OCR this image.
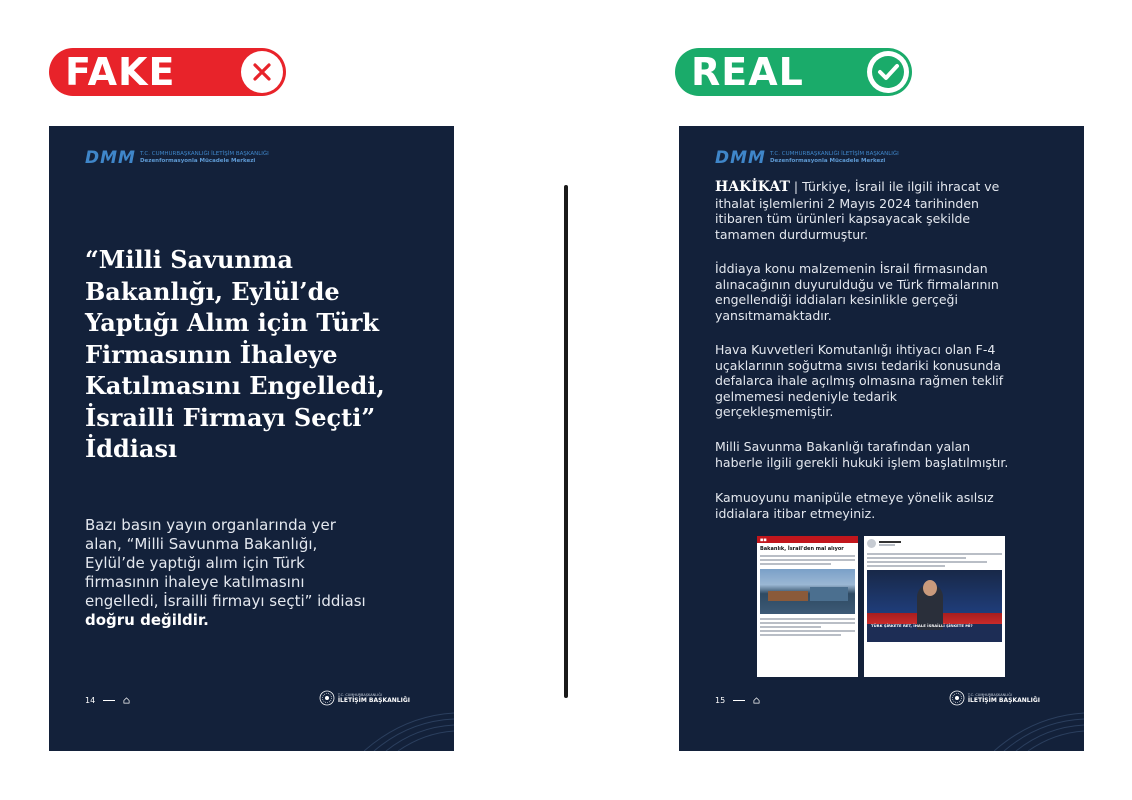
FAKE	REAL
DMM T.C. CUMHURBAŞKANLIĞI İLETİŞİM BAŞKANLIĞI
Dezenformasyonla Mücadele Merkezi
“Milli Savunma Bakanlığı, Eylül’de Yaptığı Alım için Türk Firmasının İhaleye Katılmasını Engelledi, İsrailli Firmayı Seçti” İddiası
Bazı basın yayın organlarında yer alan, “Milli Savunma Bakanlığı, Eylül’de yaptığı alım için Türk firmasının ihaleye katılmasını engelledi, İsrailli firmayı seçti” iddiası doğru değildir.
14
T.C. CUMHURBAŞKANLIĞI
İLETİŞİM BAŞKANLIĞI
DMM T.C. CUMHURBAŞKANLIĞI İLETİŞİM BAŞKANLIĞI
Dezenformasyonla Mücadele Merkezi
HAKİKAT | Türkiye, İsrail ile ilgili ihracat ve ithalat işlemlerini 2 Mayıs 2024 tarihinden itibaren tüm ürünleri kapsayacak şekilde tamamen durdurmuştur.
İddiaya konu malzemenin İsrail firmasından alınacağının duyurulduğu ve Türk firmalarının engellendiği iddiaları kesinlikle gerçeği yansıtmamaktadır.
Hava Kuvvetleri Komutanlığı ihtiyacı olan F-4 uçaklarının soğutma sıvısı tedariki konusunda defalarca ihale açılmış olmasına rağmen teklif gelmemesi nedeniyle tedarik gerçekleşmemiştir.
Milli Savunma Bakanlığı tarafından yalan haberle ilgili gerekli hukuki işlem başlatılmıştır.
Kamuoyunu manipüle etmeye yönelik asılsız iddialara itibar etmeyiniz.
◼︎◼︎
Bakanlık, İsrail'den mal alıyor
TÜRK ŞİRKETE RET, İHALE İSRAİLLİ ŞİRKETE Mİ?
15
T.C. CUMHURBAŞKANLIĞI
İLETİŞİM BAŞKANLIĞI
